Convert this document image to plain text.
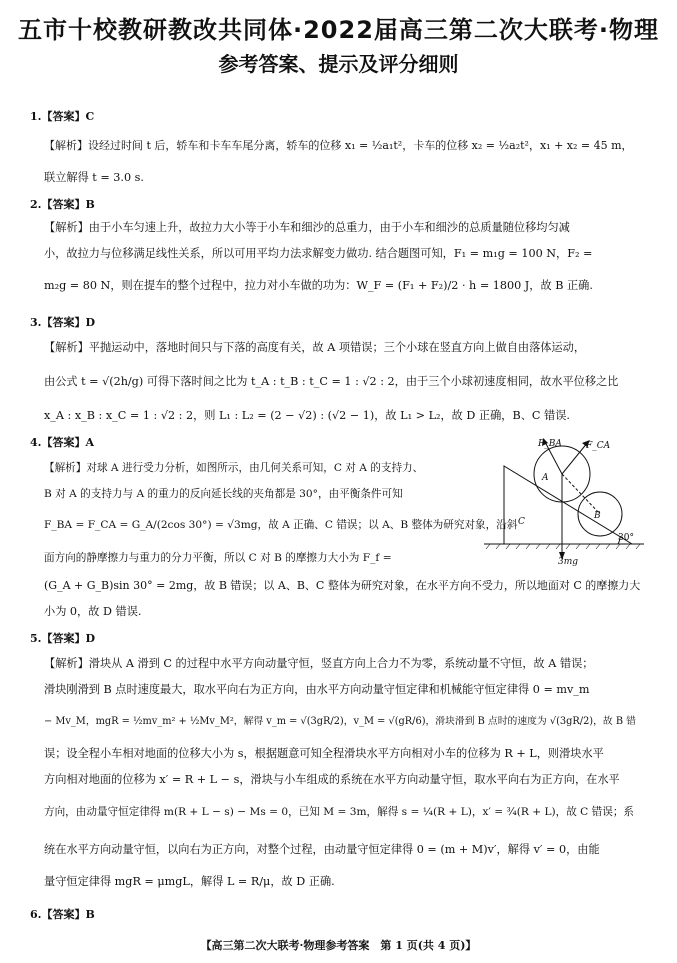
五市十校教研教改共同体·2022届高三第二次大联考·物理
参考答案、提示及评分细则
1.【答案】C
【解析】设经过时间 t 后，轿车和卡车车尾分离，轿车的位移 x₁ = ½a₁t²，卡车的位移 x₂ = ½a₂t²，x₁ + x₂ = 45 m，
联立解得 t = 3.0 s.
2.【答案】B
【解析】由于小车匀速上升，故拉力大小等于小车和细沙的总重力，由于小车和细沙的总质量随位移均匀减
小，故拉力与位移满足线性关系，所以可用平均力法求解变力做功. 结合题图可知，F₁ = m₁g = 100 N，F₂ =
m₂g = 80 N，则在提车的整个过程中，拉力对小车做的功为：W_F = (F₁ + F₂)/2 · h = 1800 J，故 B 正确.
3.【答案】D
【解析】平抛运动中，落地时间只与下落的高度有关，故 A 项错误；三个小球在竖直方向上做自由落体运动，
由公式 t = √(2h/g) 可得下落时间之比为 t_A : t_B : t_C = 1 : √2 : 2，由于三个小球初速度相同，故水平位移之比
x_A : x_B : x_C = 1 : √2 : 2，则 L₁ : L₂ = (2 − √2) : (√2 − 1)，故 L₁ > L₂，故 D 正确，B、C 错误.
4.【答案】A
【解析】对球 A 进行受力分析，如图所示，由几何关系可知，C 对 A 的支持力、
B 对 A 的支持力与 A 的重力的反向延长线的夹角都是 30°，由平衡条件可知
F_BA = F_CA = G_A/(2cos 30°) = √3mg，故 A 正确、C 错误；以 A、B 整体为研究对象，沿斜
面方向的静摩擦力与重力的分力平衡，所以 C 对 B 的摩擦力大小为 F_f =
(G_A + G_B)sin 30° = 2mg，故 B 错误；以 A、B、C 整体为研究对象，在水平方向不受力，所以地面对 C 的摩擦力大
小为 0，故 D 错误.
F_BA	F_CA
A
B
C
3mg
30°
5.【答案】D
【解析】滑块从 A 滑到 C 的过程中水平方向动量守恒，竖直方向上合力不为零，系统动量不守恒，故 A 错误；
滑块刚滑到 B 点时速度最大，取水平向右为正方向，由水平方向动量守恒定律和机械能守恒定律得 0 = mv_m
− Mv_M，mgR = ½mv_m² + ½Mv_M²，解得 v_m = √(3gR/2)，v_M = √(gR/6)，滑块滑到 B 点时的速度为 √(3gR/2)，故 B 错
误；设全程小车相对地面的位移大小为 s，根据题意可知全程滑块水平方向相对小车的位移为 R + L，则滑块水平
方向相对地面的位移为 x′ = R + L − s，滑块与小车组成的系统在水平方向动量守恒，取水平向右为正方向，在水平
方向，由动量守恒定律得 m(R + L − s) − Ms = 0，已知 M = 3m，解得 s = ¼(R + L)，x′ = ¾(R + L)，故 C 错误；系
统在水平方向动量守恒，以向右为正方向，对整个过程，由动量守恒定律得 0 = (m + M)v′，解得 v′ = 0，由能
量守恒定律得 mgR = μmgL，解得 L = R/μ，故 D 正确.
6.【答案】B
【高三第二次大联考·物理参考答案　第 1 页(共 4 页)】
